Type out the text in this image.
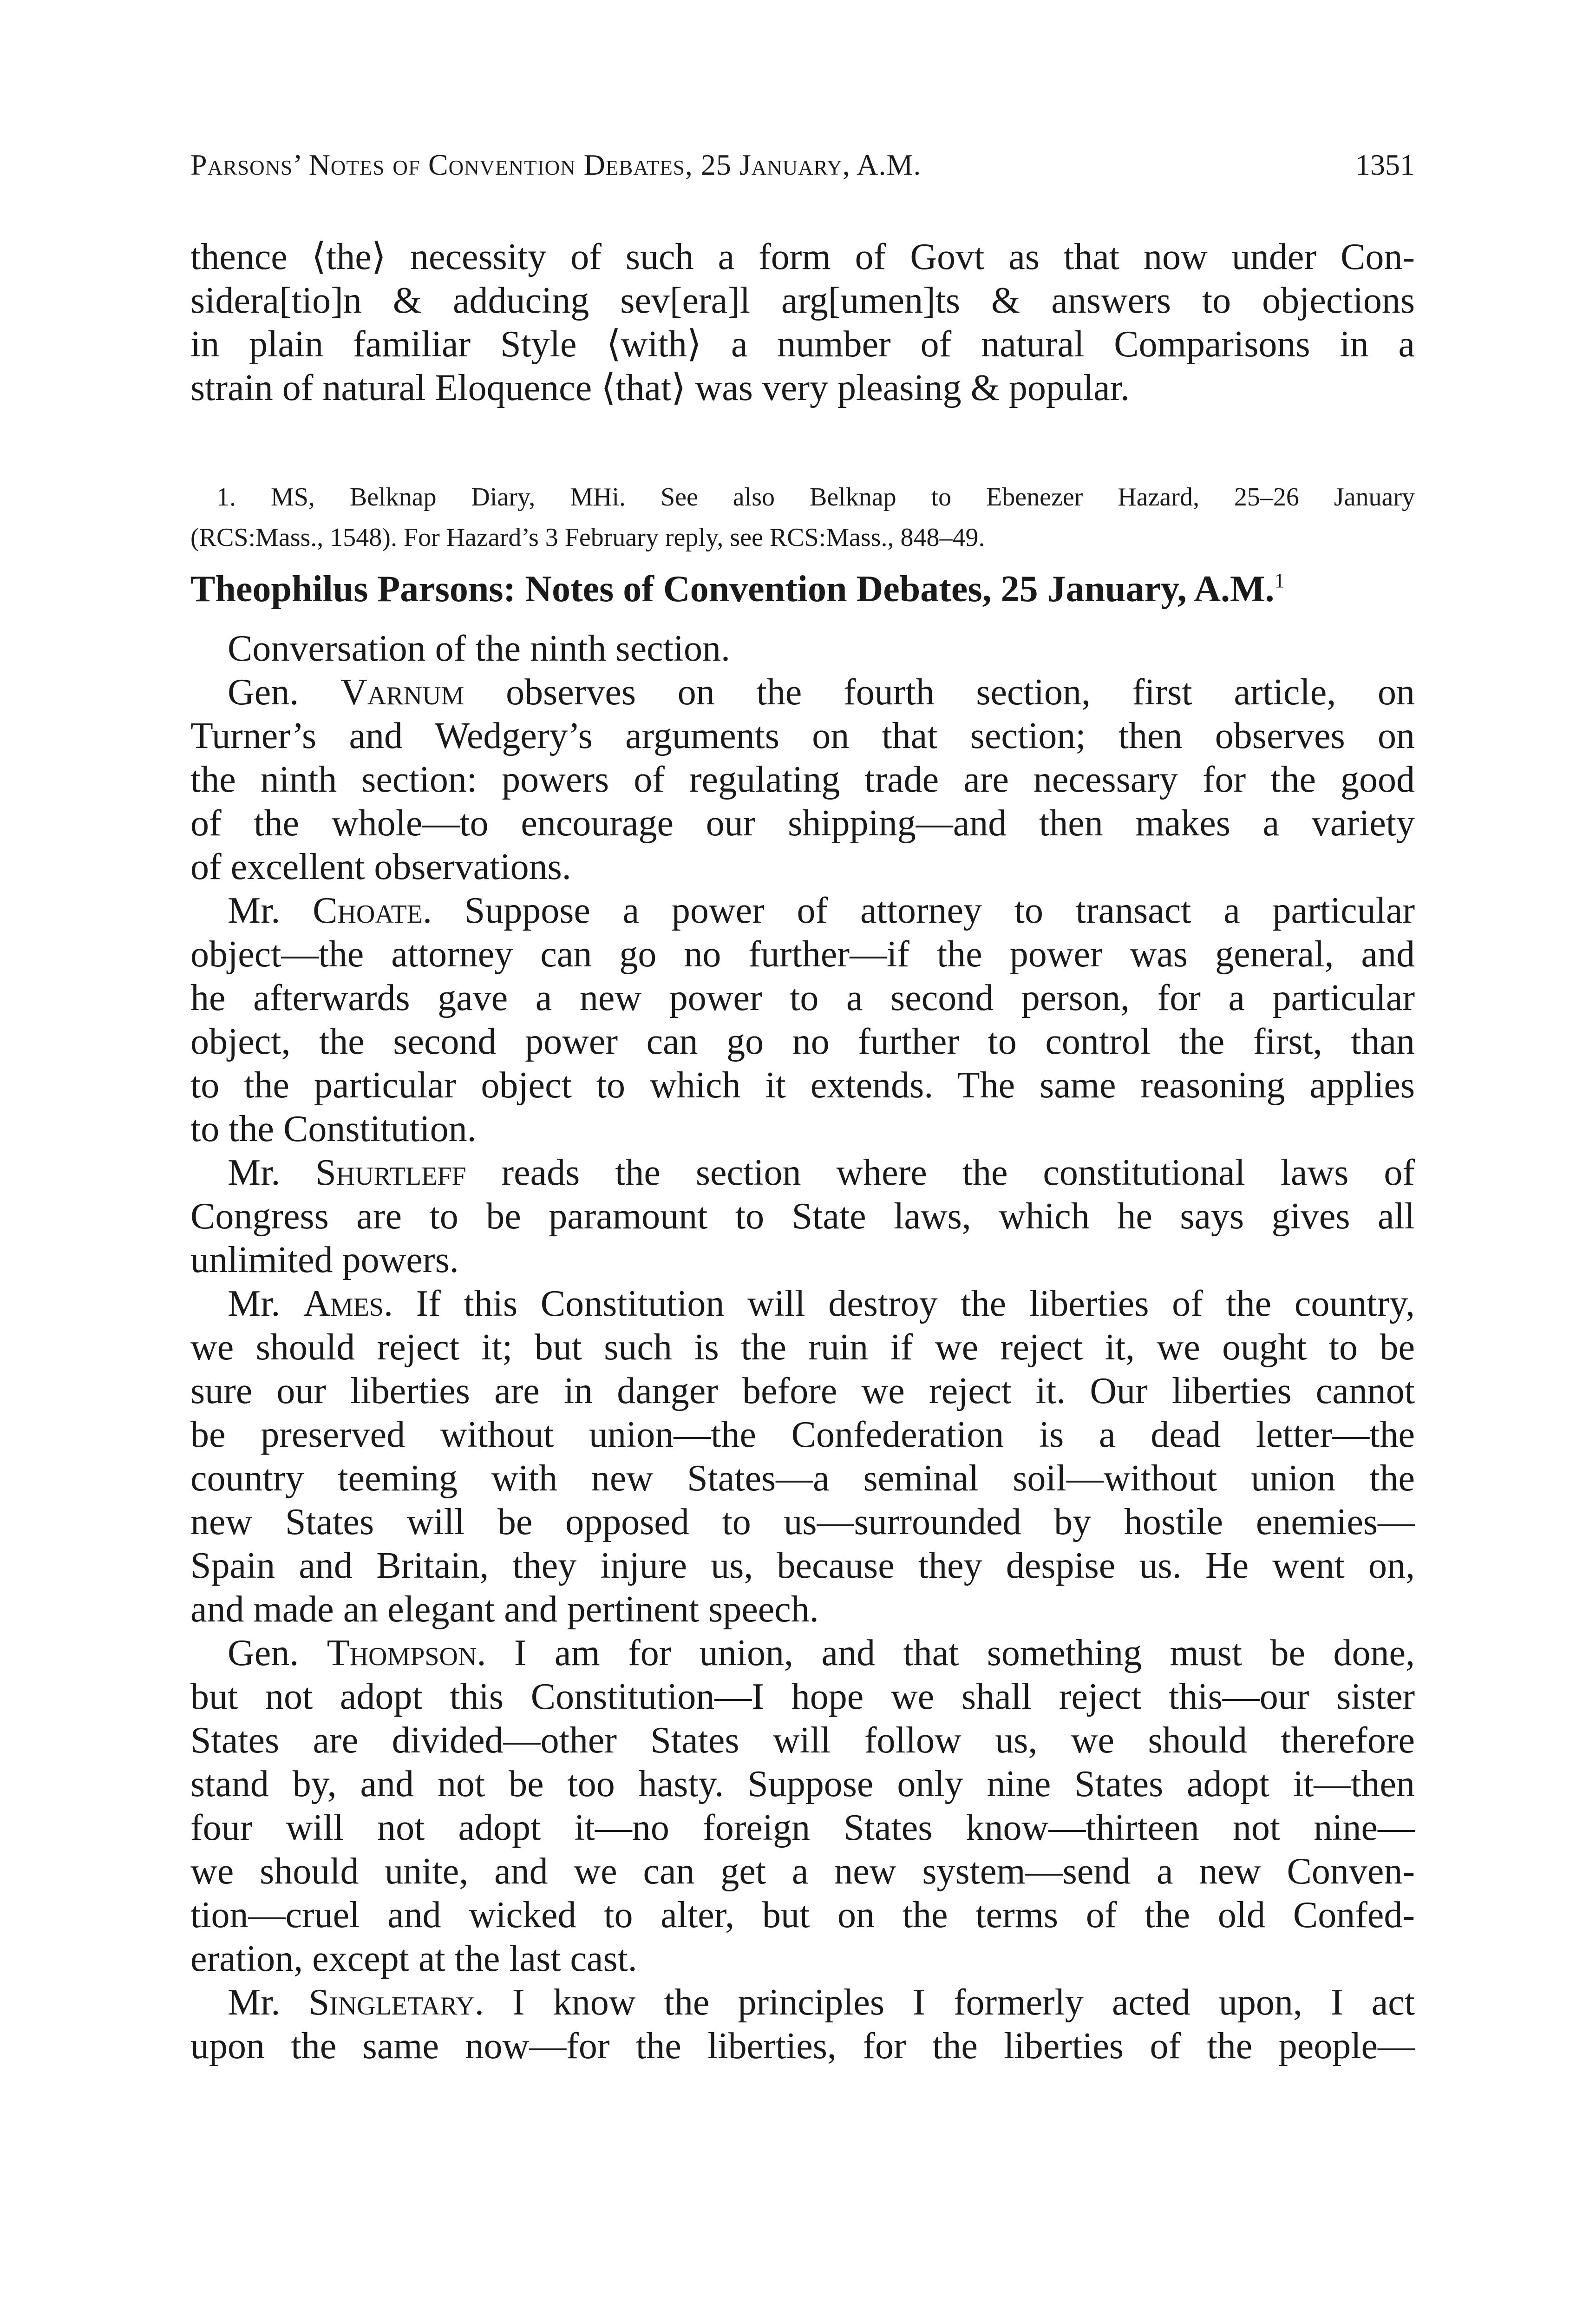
Parsons’ Notes of Convention Debates, 25 January, A.M.	1351
thence ⟨the⟩ necessity of such a form of Govt as that now under Con-
sidera[tio]n & adducing sev[era]l arg[umen]ts & answers to objections
in plain familiar Style ⟨with⟩ a number of natural Comparisons in a
strain of natural Eloquence ⟨that⟩ was very pleasing & popular.
1. MS, Belknap Diary, MHi. See also Belknap to Ebenezer Hazard, 25–26 January
(RCS:Mass., 1548). For Hazard’s 3 February reply, see RCS:Mass., 848–49.
Theophilus Parsons: Notes of Convention Debates, 25 January, A.M.$^1$
Conversation of the ninth section.
Gen. Varnum observes on the fourth section, first article, on
Turner’s and Wedgery’s arguments on that section; then observes on
the ninth section: powers of regulating trade are necessary for the good
of the whole—to encourage our shipping—and then makes a variety
of excellent observations.
Mr. Choate. Suppose a power of attorney to transact a particular
object—the attorney can go no further—if the power was general, and
he afterwards gave a new power to a second person, for a particular
object, the second power can go no further to control the first, than
to the particular object to which it extends. The same reasoning applies
to the Constitution.
Mr. Shurtleff reads the section where the constitutional laws of
Congress are to be paramount to State laws, which he says gives all
unlimited powers.
Mr. Ames. If this Constitution will destroy the liberties of the country,
we should reject it; but such is the ruin if we reject it, we ought to be
sure our liberties are in danger before we reject it. Our liberties cannot
be preserved without union—the Confederation is a dead letter—the
country teeming with new States—a seminal soil—without union the
new States will be opposed to us—surrounded by hostile enemies—
Spain and Britain, they injure us, because they despise us. He went on,
and made an elegant and pertinent speech.
Gen. Thompson. I am for union, and that something must be done,
but not adopt this Constitution—I hope we shall reject this—our sister
States are divided—other States will follow us, we should therefore
stand by, and not be too hasty. Suppose only nine States adopt it—then
four will not adopt it—no foreign States know—thirteen not nine—
we should unite, and we can get a new system—send a new Conven-
tion—cruel and wicked to alter, but on the terms of the old Confed-
eration, except at the last cast.
Mr. Singletary. I know the principles I formerly acted upon, I act
upon the same now—for the liberties, for the liberties of the people—
